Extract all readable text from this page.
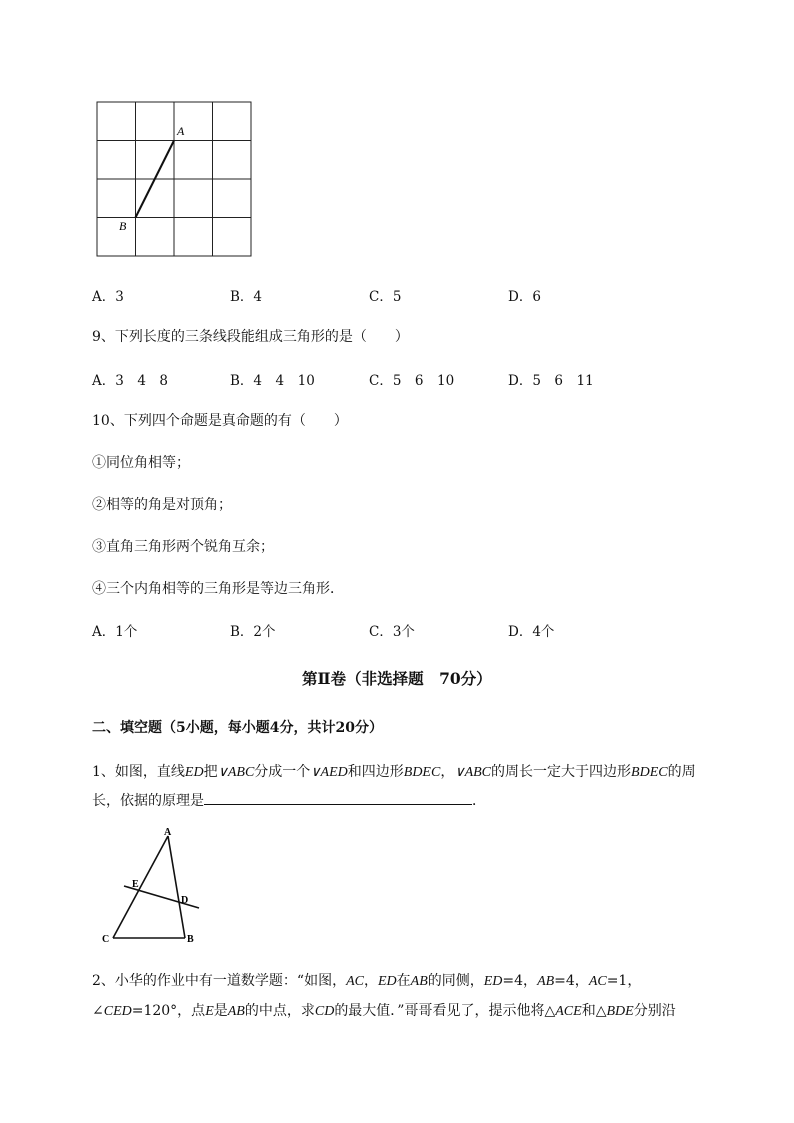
A
B
A．3	B．4	C．5	D．6
9、下列长度的三条线段能组成三角形的是（　　）
A．3　4　8	B．4　4　10	C．5　6　10	D．5　6　11
10、下列四个命题是真命题的有（　　）
①同位角相等；
②相等的角是对顶角；
③直角三角形两个锐角互余；
④三个内角相等的三角形是等边三角形．
A．1个	B．2个	C．3个	D．4个
第Ⅱ卷（非选择题　70分）
二、填空题（5小题，每小题4分，共计20分）
1、如图，直线ED把∨ABC分成一个∨AED和四边形BDEC，∨ABC的周长一定大于四边形BDEC的周
长，依据的原理是	．
A
E
D
C	B
2、小华的作业中有一道数学题：“如图，AC，ED在AB的同侧，ED=4，AB=4，AC=1，
∠CED=120°，点E是AB的中点，求CD的最大值．”哥哥看见了，提示他将△ACE和△BDE分别沿
